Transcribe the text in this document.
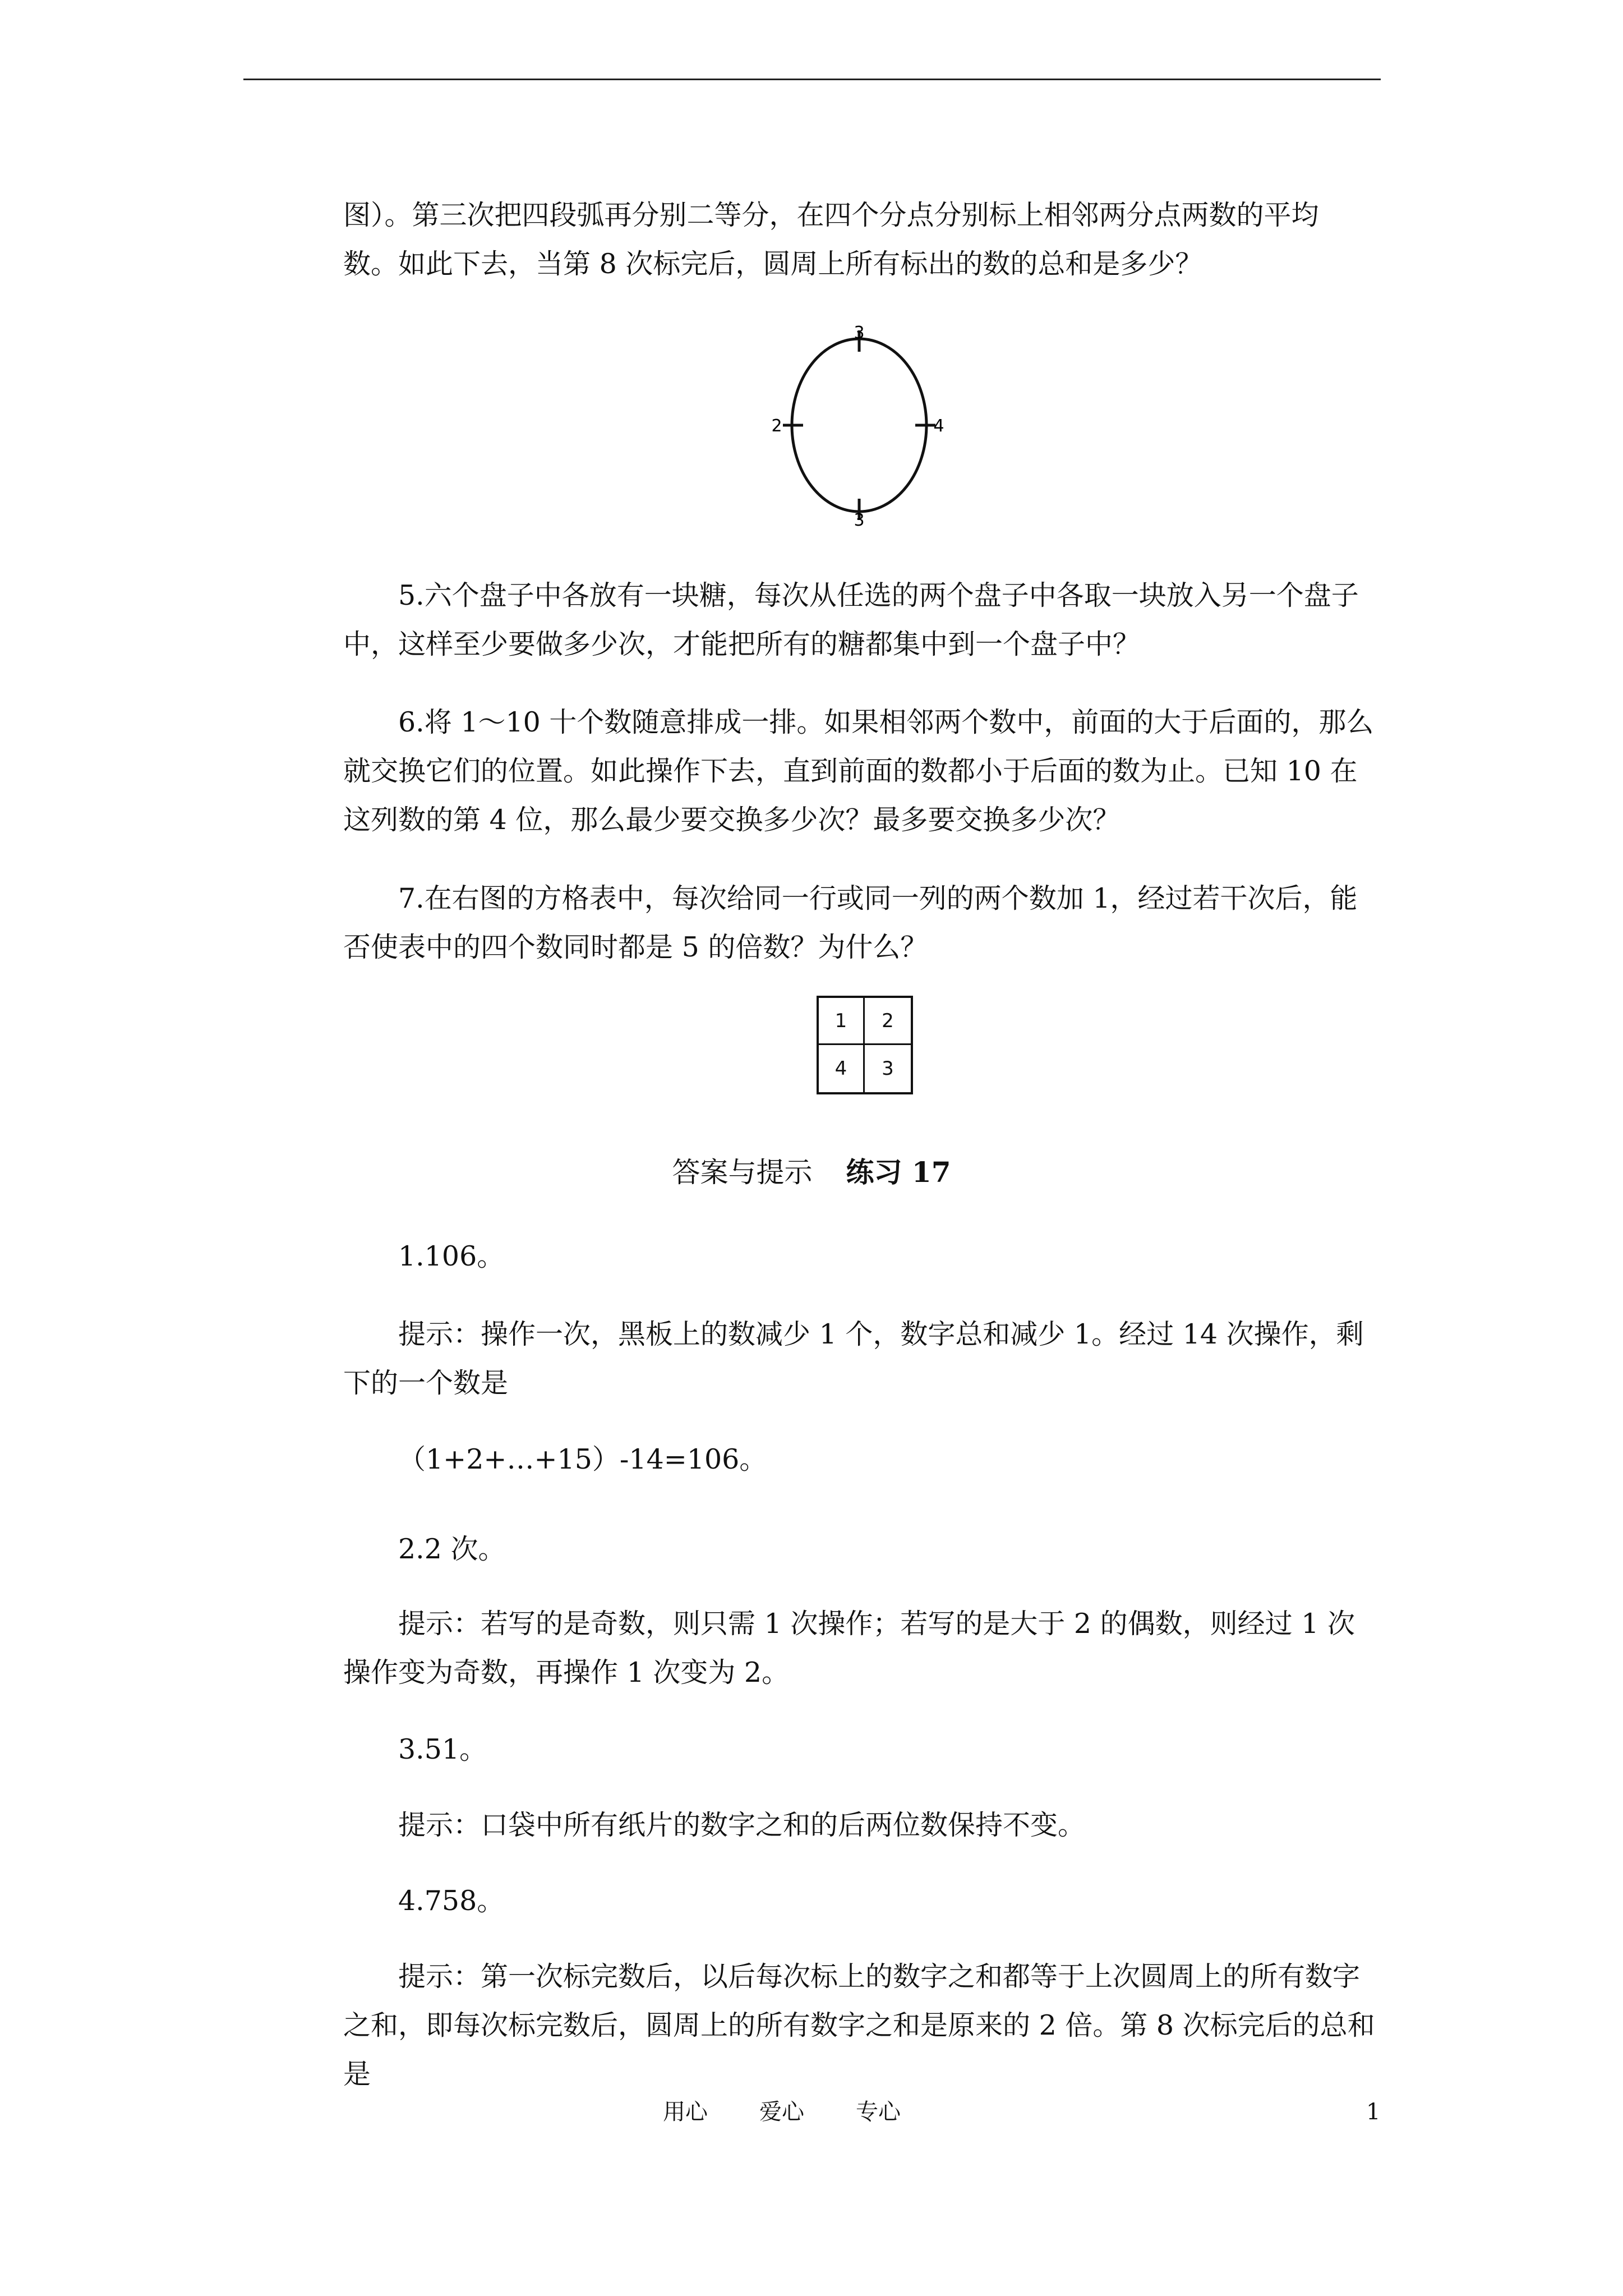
图）。第三次把四段弧再分别二等分，在四个分点分别标上相邻两分点两数的平均

数。如此下去，当第 8 次标完后，圆周上所有标出的数的总和是多少？

3
3
2	4

5.六个盘子中各放有一块糖，每次从任选的两个盘子中各取一块放入另一个盘子中，这样至少要做多少次，才能把所有的糖都集中到一个盘子中？

6.将 1～10 十个数随意排成一排。如果相邻两个数中，前面的大于后面的，那么就交换它们的位置。如此操作下去，直到前面的数都小于后面的数为止。已知 10 在这列数的第 4 位，那么最少要交换多少次？最多要交换多少次？

7.在右图的方格表中，每次给同一行或同一列的两个数加 1，经过若干次后，能否使表中的四个数同时都是 5 的倍数？为什么？

1	2
4	3
答案与提示 练习 17

1.106。

提示：操作一次，黑板上的数减少 1 个，数字总和减少 1。经过 14 次操作，剩下的一个数是

（1+2+…+15）-14=106。

2.2 次。

提示：若写的是奇数，则只需 1 次操作；若写的是大于 2 的偶数，则经过 1 次操作变为奇数，再操作 1 次变为 2。

3.51。

提示：口袋中所有纸片的数字之和的后两位数保持不变。

4.758。

提示：第一次标完数后，以后每次标上的数字之和都等于上次圆周上的所有数字之和，即每次标完数后，圆周上的所有数字之和是原来的 2 倍。第 8 次标完后的总和是

用心 爱心 专心	1
